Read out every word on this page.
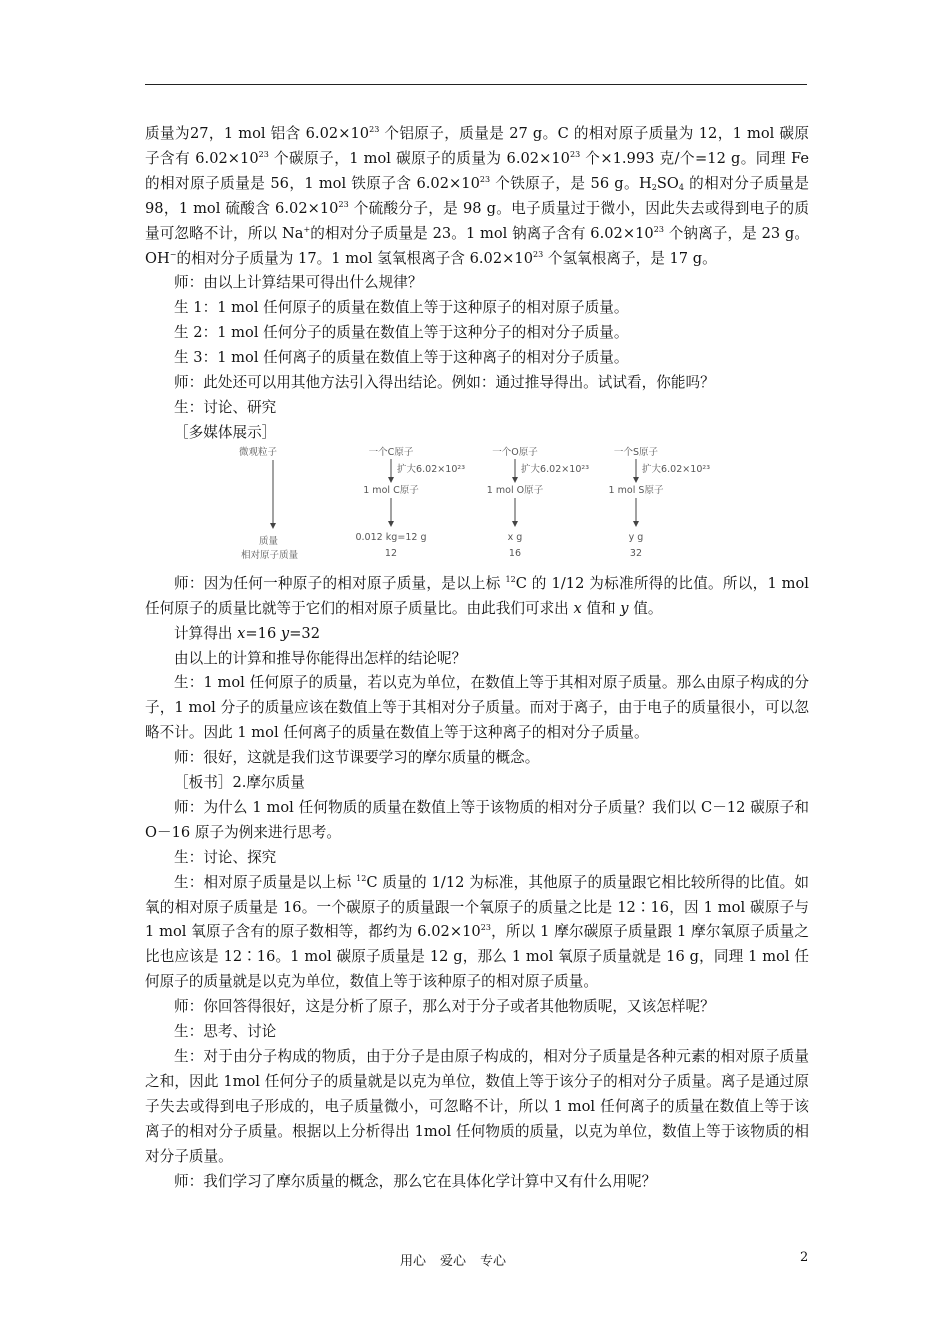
质量为27，1 mol 铝含 $6.02\times 10^{23}$ 个铝原子，质量是 27 g。C 的相对原子质量为 12，1 mol 碳原子含有 $6.02\times 10^{23}$ 个碳原子，1 mol 碳原子的质量为 $6.02\times 10^{23}$ 个×1.993 克/个=12 g。同理 Fe 的相对原子质量是 56，1 mol 铁原子含 $6.02\times 10^{23}$ 个铁原子，是 56 g。$H_2SO_4$ 的相对分子质量是 98，1 mol 硫酸含 $6.02\times 10^{23}$ 个硫酸分子，是 98 g。电子质量过于微小，因此失去或得到电子的质量可忽略不计，所以 Na+的相对分子质量是 23。1 mol 钠离子含有 $6.02\times 10^{23}$ 个钠离子，是 23 g。OH−的相对分子质量为 17。1 mol 氢氧根离子含 $6.02\times 10^{23}$ 个氢氧根离子，是 17 g。

师：由以上计算结果可得出什么规律？

生 1：1 mol 任何原子的质量在数值上等于这种原子的相对原子质量。

生 2：1 mol 任何分子的质量在数值上等于这种分子的相对分子质量。

生 3：1 mol 任何离子的质量在数值上等于这种离子的相对分子质量。

师：此处还可以用其他方法引入得出结论。例如：通过推导得出。试试看，你能吗？

生：讨论、研究

［多媒体展示］

微观粒子
质量
相对原子质量
一个C原子
扩大6.02×10²³
1 mol C原子
0.012 kg=12 g
12
一个O原子
扩大6.02×10²³
1 mol O原子
x g
16
一个S原子
扩大6.02×10²³
1 mol S原子
y g
32

师：因为任何一种原子的相对原子质量，是以上标 $^{12}$C 的 1/12 为标准所得的比值。所以，1 mol 任何原子的质量比就等于它们的相对原子质量比。由此我们可求出 x 值和 y 值。

计算得出 x=16 y=32

由以上的计算和推导你能得出怎样的结论呢？

生：1 mol 任何原子的质量，若以克为单位，在数值上等于其相对原子质量。那么由原子构成的分子，1 mol 分子的质量应该在数值上等于其相对分子质量。而对于离子，由于电子的质量很小，可以忽略不计。因此 1 mol 任何离子的质量在数值上等于这种离子的相对分子质量。

师：很好，这就是我们这节课要学习的摩尔质量的概念。

［板书］2.摩尔质量

师：为什么 1 mol 任何物质的质量在数值上等于该物质的相对分子质量？我们以 C－12 碳原子和 O－16 原子为例来进行思考。

生：讨论、探究

生：相对原子质量是以上标 $^{12}$C 质量的 1/12 为标准，其他原子的质量跟它相比较所得的比值。如氧的相对原子质量是 16。一个碳原子的质量跟一个氧原子的质量之比是 12∶16，因 1 mol 碳原子与 1 mol 氧原子含有的原子数相等，都约为 $6.02\times 10^{23}$，所以 1 摩尔碳原子质量跟 1 摩尔氧原子质量之比也应该是 12∶16。1 mol 碳原子质量是 12 g，那么 1 mol 氧原子质量就是 16 g，同理 1 mol 任何原子的质量就是以克为单位，数值上等于该种原子的相对原子质量。

师：你回答得很好，这是分析了原子，那么对于分子或者其他物质呢，又该怎样呢？

生：思考、讨论

生：对于由分子构成的物质，由于分子是由原子构成的，相对分子质量是各种元素的相对原子质量之和，因此 1mol 任何分子的质量就是以克为单位，数值上等于该分子的相对分子质量。离子是通过原子失去或得到电子形成的，电子质量微小，可忽略不计，所以 1 mol 任何离子的质量在数值上等于该离子的相对分子质量。根据以上分析得出 1mol 任何物质的质量，以克为单位，数值上等于该物质的相对分子质量。

师：我们学习了摩尔质量的概念，那么它在具体化学计算中又有什么用呢？

用心 爱心 专心	2
